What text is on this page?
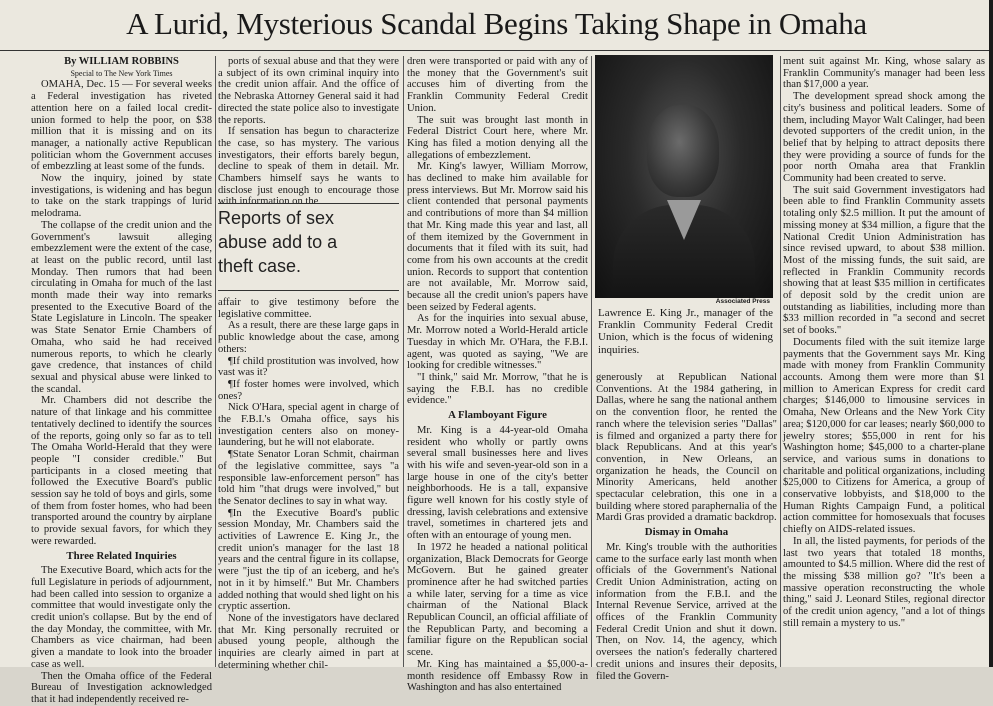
A Lurid, Mysterious Scandal Begins Taking Shape in Omaha

By WILLIAM ROBBINS

Special to The New York Times

OMAHA, Dec. 15 — For several weeks a Federal investigation has riveted attention here on a failed local credit-union formed to help the poor, on $38 million that it is missing and on its manager, a nationally active Republican politician whom the Government accuses of embezzling at least some of the funds.

Now the inquiry, joined by state investigations, is widening and has begun to take on the stark trappings of lurid melodrama.

The collapse of the credit union and the Government's lawsuit alleging embezzlement were the extent of the case, at least on the public record, until last Monday. Then rumors that had been circulating in Omaha for much of the last month made their way into remarks presented to the Executive Board of the State Legislature in Lincoln. The speaker was State Senator Ernie Chambers of Omaha, who said he had received numerous reports, to which he clearly gave credence, that instances of child sexual and physical abuse were linked to the scandal.

Mr. Chambers did not describe the nature of that linkage and his committee tentatively declined to identify the sources of the reports, going only so far as to tell The Omaha World-Herald that they were people "I consider credible." But participants in a closed meeting that followed the Executive Board's public session say he told of boys and girls, some of them from foster homes, who had been transported around the country by airplane to provide sexual favors, for which they were rewarded.

Three Related Inquiries

The Executive Board, which acts for the full Legislature in periods of adjournment, had been called into session to organize a committee that would investigate only the credit union's collapse. But by the end of the day Monday, the committee, with Mr. Chambers as vice chairman, had been given a mandate to look into the broader case as well.

Then the Omaha office of the Federal Bureau of Investigation acknowledged that it had independently received re-

ports of sexual abuse and that they were a subject of its own criminal inquiry into the credit union affair. And the office of the Nebraska Attorney General said it had directed the state police also to investigate the reports.

If sensation has begun to characterize the case, so has mystery. The various investigators, their efforts barely begun, decline to speak of them in detail. Mr. Chambers himself says he wants to disclose just enough to encourage those with information on the

Reports of sex abuse add to a theft case.

affair to give testimony before the legislative committee.

As a result, there are these large gaps in public knowledge about the case, among others:

¶If child prostitution was involved, how vast was it?

¶If foster homes were involved, which ones?

Nick O'Hara, special agent in charge of the F.B.I.'s Omaha office, says his investigation centers also on money-laundering, but he will not elaborate.

¶State Senator Loran Schmit, chairman of the legislative committee, says "a responsible law-enforcement person" has told him "that drugs were involved," but the Senator declines to say in what way.

¶In the Executive Board's public session Monday, Mr. Chambers said the activities of Lawrence E. King Jr., the credit union's manager for the last 18 years and the central figure in its collapse, were "just the tip of an iceberg, and he's not in it by himself." But Mr. Chambers added nothing that would shed light on his cryptic assertion.

None of the investigators have declared that Mr. King personally recruited or abused young people, although the inquiries are clearly aimed in part at determining whether chil-

dren were transported or paid with any of the money that the Government's suit accuses him of diverting from the Franklin Community Federal Credit Union.

The suit was brought last month in Federal District Court here, where Mr. King has filed a motion denying all the allegations of embezzlement.

Mr. King's lawyer, William Morrow, has declined to make him available for press interviews. But Mr. Morrow said his client contended that personal payments and contributions of more than $4 million that Mr. King made this year and last, all of them itemized by the Government in documents that it filed with its suit, had come from his own accounts at the credit union. Records to support that contention are not available, Mr. Morrow said, because all the credit union's papers have been seized by Federal agents.

As for the inquiries into sexual abuse, Mr. Morrow noted a World-Herald article Tuesday in which Mr. O'Hara, the F.B.I. agent, was quoted as saying, "We are looking for credible witnesses."

"I think," said Mr. Morrow, "that he is saying the F.B.I. has no credible evidence."

A Flamboyant Figure

Mr. King is a 44-year-old Omaha resident who wholly or partly owns several small businesses here and lives with his wife and seven-year-old son in a large house in one of the city's better neighborhoods. He is a tall, expansive figure well known for his costly style of dressing, lavish celebrations and extensive travel, sometimes in chartered jets and often with an entourage of young men.

In 1972 he headed a national political organization, Black Democrats for George McGovern. But he gained greater prominence after he had switched parties a while later, serving for a time as vice chairman of the National Black Republican Council, an official affiliate of the Republican Party, and becoming a familiar figure on the Republican social scene.

Mr. King has maintained a $5,000-a-month residence off Embassy Row in Washington and has also entertained

Associated Press
Lawrence E. King Jr., manager of the Franklin Community Federal Credit Union, which is the focus of widening inquiries.

generously at Republican National Conventions. At the 1984 gathering, in Dallas, where he sang the national anthem on the convention floor, he rented the ranch where the television series "Dallas" is filmed and organized a party there for black Republicans. And at this year's convention, in New Orleans, an organization he heads, the Council on Minority Americans, held another spectacular celebration, this one in a building where stored paraphernalia of the Mardi Gras provided a dramatic backdrop.

Dismay in Omaha

Mr. King's trouble with the authorities came to the surface early last month when officials of the Government's National Credit Union Administration, acting on information from the F.B.I. and the Internal Revenue Service, arrived at the offices of the Franklin Community Federal Credit Union and shut it down. Then, on Nov. 14, the agency, which oversees the nation's federally chartered credit unions and insures their deposits, filed the Govern-

ment suit against Mr. King, whose salary as Franklin Community's manager had been less than $17,000 a year.

The development spread shock among the city's business and political leaders. Some of them, including Mayor Walt Calinger, had been devoted supporters of the credit union, in the belief that by helping to attract deposits there they were providing a source of funds for the poor north Omaha area that Franklin Community had been created to serve.

The suit said Government investigators had been able to find Franklin Community assets totaling only $2.5 million. It put the amount of missing money at $34 million, a figure that the National Credit Union Administration has since revised upward, to about $38 million. Most of the missing funds, the suit said, are reflected in Franklin Community records showing that at least $35 million in certificates of deposit sold by the credit union are outstanding as liabilities, including more than $33 million recorded in "a second and secret set of books."

Documents filed with the suit itemize large payments that the Government says Mr. King made with money from Franklin Community accounts. Among them were more than $1 million to American Express for credit card charges; $146,000 to limousine services in Omaha, New Orleans and the New York City area; $120,000 for car leases; nearly $60,000 to jewelry stores; $55,000 in rent for his Washington home; $45,000 to a charter-plane service, and various sums in donations to charitable and political organizations, including $25,000 to Citizens for America, a group of conservative lobbyists, and $18,000 to the Human Rights Campaign Fund, a political action committee for homosexuals that focuses chiefly on AIDS-related issues.

In all, the listed payments, for periods of the last two years that totaled 18 months, amounted to $4.5 million. Where did the rest of the missing $38 million go? "It's been a massive operation reconstructing the whole thing," said J. Leonard Stiles, regional director of the credit union agency, "and a lot of things still remain a mystery to us."
